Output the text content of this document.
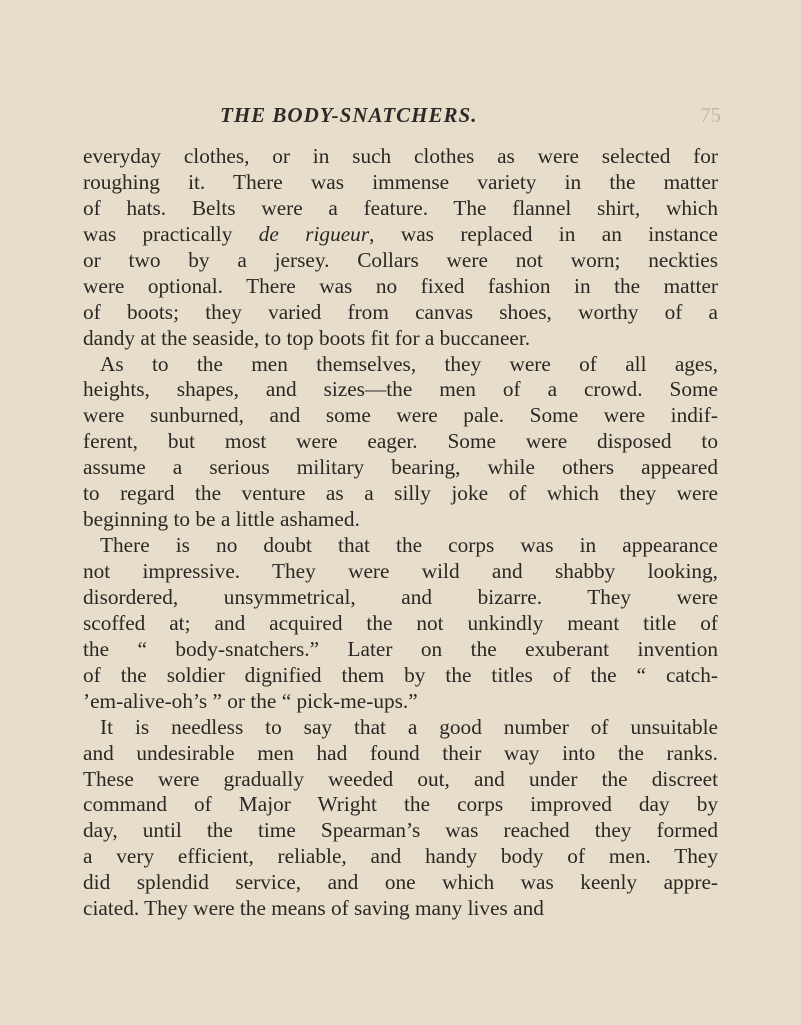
THE BODY-SNATCHERS.	75
everyday clothes, or in such clothes as were selected for
roughing it. There was immense variety in the matter
of hats. Belts were a feature. The flannel shirt, which
was practically de rigueur, was replaced in an instance
or two by a jersey. Collars were not worn; neckties
were optional. There was no fixed fashion in the matter
of boots; they varied from canvas shoes, worthy of a
dandy at the seaside, to top boots fit for a buccaneer.
As to the men themselves, they were of all ages,
heights, shapes, and sizes—the men of a crowd. Some
were sunburned, and some were pale. Some were indif-
ferent, but most were eager. Some were disposed to
assume a serious military bearing, while others appeared
to regard the venture as a silly joke of which they were
beginning to be a little ashamed.
There is no doubt that the corps was in appearance
not impressive. They were wild and shabby looking,
disordered, unsymmetrical, and bizarre. They were
scoffed at; and acquired the not unkindly meant title of
the “ body-snatchers.” Later on the exuberant invention
of the soldier dignified them by the titles of the “ catch-
’em-alive-oh’s ” or the “ pick-me-ups.”
It is needless to say that a good number of unsuitable
and undesirable men had found their way into the ranks.
These were gradually weeded out, and under the discreet
command of Major Wright the corps improved day by
day, until the time Spearman’s was reached they formed
a very efficient, reliable, and handy body of men. They
did splendid service, and one which was keenly appre-
ciated. They were the means of saving many lives and
